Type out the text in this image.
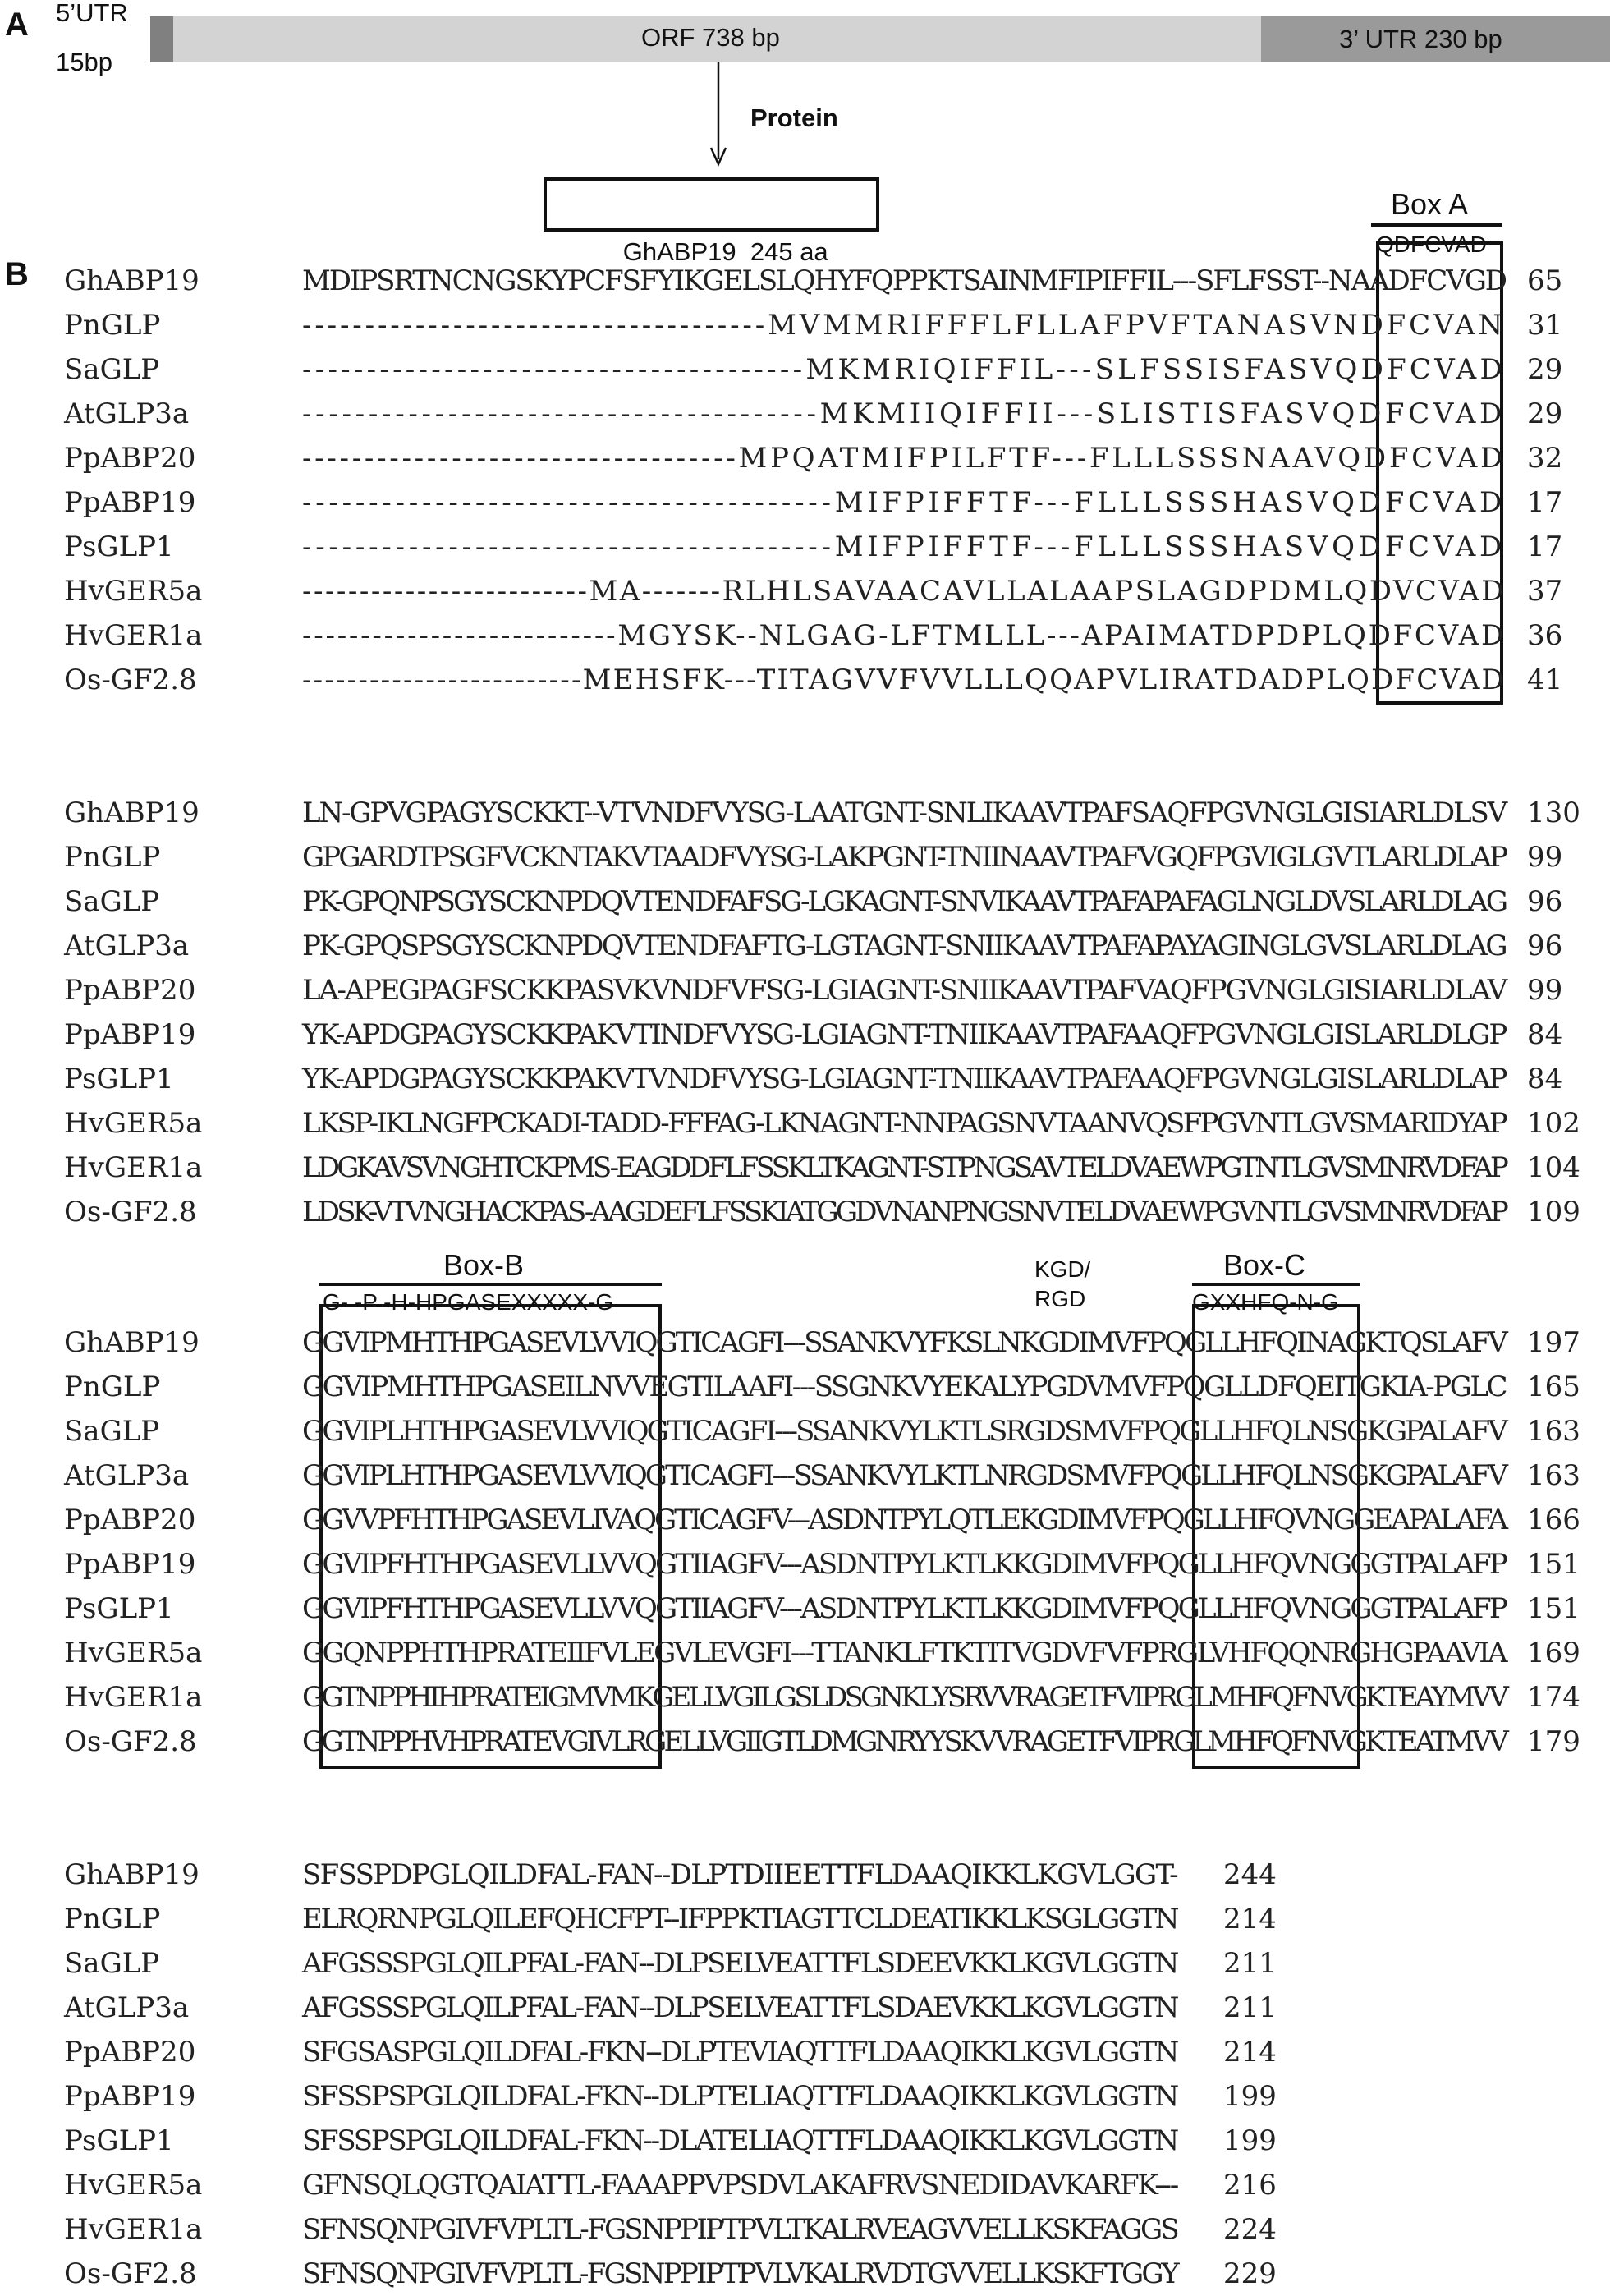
A 5’UTR
15bp
ORF 738 bp	3’ UTR 230 bp
Protein

GhABP19  245 aa

B
Box A
QDFCVAD
Box-B
G- -P -H-HPGASEXXXXX-G
KGD/
RGD
Box-C
GXXHFQ-N-G
GhABP19	MDIPSRTNCNGSKYPCFSFYIKGELSLQHYFQPPKTSAINMFIPIFFIL---SFLFSST--NAADFCVGD 65
PnGLP	-------------------------------------MVMMRIFFFLFLLAFPVFTANASVNDFCVAN 31
SaGLP	---------------------------------------MKMRIQIFFIL---SLFSSISFASVQDFCVAD 29
AtGLP3a	---------------------------------------MKMIIQIFFII---SLISTISFASVQDFCVAD 29
PpABP20	-----------------------------------MPQATMIFPILFTF---FLLLSSSNAAVQDFCVAD 32
PpABP19	----------------------------------------MIFPIFFTF---FLLLSSSHASVQDFCVAD 17
PsGLP1	----------------------------------------MIFPIFFTF---FLLLSSSHASVQDFCVAD 17
HvGER5a	-------------------------MA-------RLHLSAVAACAVLLALAAPSLAGDPDMLQDVCVAD 37
HvGER1a	---------------------------MGYSK--NLGAG-LFTMLLL---APAIMATDPDPLQDFCVAD 36
Os-GF2.8	-------------------------MEHSFK---TITAGVVFVVLLLQQAPVLIRATDADPLQDFCVAD 41
GhABP19	LN-GPVGPAGYSCKKT--VTVNDFVYSG-LAATGNT-SNLIKAAVTPAFSAQFPGVNGLGISIARLDLSV 130
PnGLP	GPGARDTPSGFVCKNTAKVTAADFVYSG-LAKPGNT-TNIINAAVTPAFVGQFPGVIGLGVTLARLDLAP 99
SaGLP	PK-GPQNPSGYSCKNPDQVTENDFAFSG-LGKAGNT-SNVIKAAVTPAFAPAFAGLNGLDVSLARLDLAG 96
AtGLP3a	PK-GPQSPSGYSCKNPDQVTENDFAFTG-LGTAGNT-SNIIKAAVTPAFAPAYAGINGLGVSLARLDLAG 96
PpABP20	LA-APEGPAGFSCKKPASVKVNDFVFSG-LGIAGNT-SNIIKAAVTPAFVAQFPGVNGLGISIARLDLAV 99
PpABP19	YK-APDGPAGYSCKKPAKVTINDFVYSG-LGIAGNT-TNIIKAAVTPAFAAQFPGVNGLGISLARLDLGP 84
PsGLP1	YK-APDGPAGYSCKKPAKVTVNDFVYSG-LGIAGNT-TNIIKAAVTPAFAAQFPGVNGLGISLARLDLAP 84
HvGER5a	LKSP-IKLNGFPCKADI-TADD-FFFAG-LKNAGNT-NNPAGSNVTAANVQSFPGVNTLGVSMARIDYAP 102
HvGER1a	LDGKAVSVNGHTCKPMS-EAGDDFLFSSKLTKAGNT-STPNGSAVTELDVAEWPGTNTLGVSMNRVDFAP 104
Os-GF2.8	LDSK-VTVNGHACKPAS-AAGDEFLFSSKIATGGDVNANPNGSNVTELDVAEWPGVNTLGVSMNRVDFAP 109
GhABP19	GGVIPMHTHPGASEVLVVIQGTICAGFI---SSANKVYFKSLNKGDIMVFPQGLLHFQINAGKTQSLAFV 197
PnGLP	GGVIPMHTHPGASEILNVVEGTILAAFI---SSGNKVYEKALYPGDVMVFPQGLLDFQEITGKIA-PGLC 165
SaGLP	GGVIPLHTHPGASEVLVVIQGTICAGFI---SSANKVYLKTLSRGDSMVFPQGLLHFQLNSGKGPALAFV 163
AtGLP3a	GGVIPLHTHPGASEVLVVIQGTICAGFI---SSANKVYLKTLNRGDSMVFPQGLLHFQLNSGKGPALAFV 163
PpABP20	GGVVPFHTHPGASEVLIVAQGTICAGFV---ASDNTPYLQTLEKGDIMVFPQGLLHFQVNGGEAPALAFA 166
PpABP19	GGVIPFHTHPGASEVLLVVQGTIIAGFV---ASDNTPYLKTLKKGDIMVFPQGLLHFQVNGGGTPALAFP 151
PsGLP1	GGVIPFHTHPGASEVLLVVQGTIIAGFV---ASDNTPYLKTLKKGDIMVFPQGLLHFQVNGGGTPALAFP 151
HvGER5a	GGQNPPHTHPRATEIIFVLEGVLEVGFI---TTANKLFTKTITVGDVFVFPRGLVHFQQNRGHGPAAVIA 169
HvGER1a	GGTNPPHIHPRATEIGMVMKGELLVGILGSLDSGNKLYSRVVRAGETFVIPRGLMHFQFNVGKTEAYMVV 174
Os-GF2.8	GGTNPPHVHPRATEVGIVLRGELLVGIIGTLDMGNRYYSKVVRAGETFVIPRGLMHFQFNVGKTEATMVV 179
GhABP19	SFSSPDPGLQILDFAL-FAN--DLPTDIIEETTFLDAAQIKKLKGVLGGT- 244
PnGLP	ELRQRNPGLQILEFQHCFPT--IFPPKTIAGTTCLDEATIKKLKSGLGGTN 214
SaGLP	AFGSSSPGLQILPFAL-FAN--DLPSELVEATTFLSDEEVKKLKGVLGGTN 211
AtGLP3a	AFGSSSPGLQILPFAL-FAN--DLPSELVEATTFLSDAEVKKLKGVLGGTN 211
PpABP20	SFGSASPGLQILDFAL-FKN--DLPTEVIAQTTFLDAAQIKKLKGVLGGTN 214
PpABP19	SFSSPSPGLQILDFAL-FKN--DLPTELIAQTTFLDAAQIKKLKGVLGGTN 199
PsGLP1	SFSSPSPGLQILDFAL-FKN--DLATELIAQTTFLDAAQIKKLKGVLGGTN 199
HvGER5a	GFNSQLQGTQAIATTL-FAAAPPVPSDVLAKAFRVSNEDIDAVKARFK--- 216
HvGER1a	SFNSQNPGIVFVPLTL-FGSNPPIPTPVLTKALRVEAGVVELLKSKFAGGS 224
Os-GF2.8	SFNSQNPGIVFVPLTL-FGSNPPIPTPVLVKALRVDTGVVELLKSKFTGGY 229
